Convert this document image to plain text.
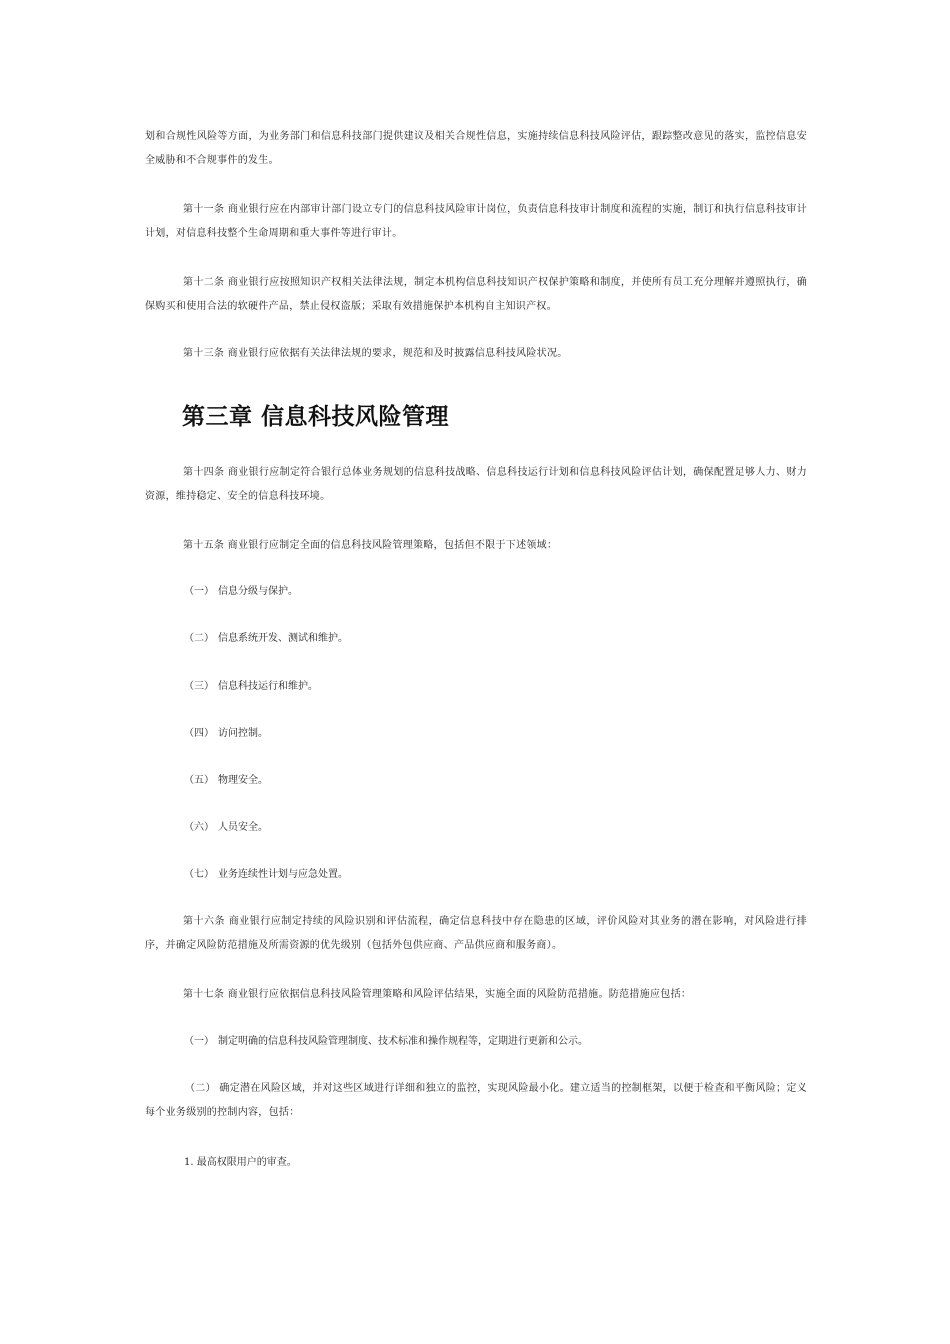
划和合规性风险等方面，为业务部门和信息科技部门提供建议及相关合规性信息，实施持续信息科技风险评估，跟踪整改意见的落实，监控信息安全威胁和不合规事件的发生。

第十一条 商业银行应在内部审计部门设立专门的信息科技风险审计岗位，负责信息科技审计制度和流程的实施，制订和执行信息科技审计计划，对信息科技整个生命周期和重大事件等进行审计。

第十二条 商业银行应按照知识产权相关法律法规，制定本机构信息科技知识产权保护策略和制度，并使所有员工充分理解并遵照执行，确保购买和使用合法的软硬件产品，禁止侵权盗版；采取有效措施保护本机构自主知识产权。

第十三条 商业银行应依据有关法律法规的要求，规范和及时披露信息科技风险状况。

第三章 信息科技风险管理

第十四条 商业银行应制定符合银行总体业务规划的信息科技战略、信息科技运行计划和信息科技风险评估计划，确保配置足够人力、财力资源，维持稳定、安全的信息科技环境。

第十五条 商业银行应制定全面的信息科技风险管理策略，包括但不限于下述领域：

（一） 信息分级与保护。

（二） 信息系统开发、测试和维护。

（三） 信息科技运行和维护。

（四） 访问控制。

（五） 物理安全。

（六） 人员安全。

（七） 业务连续性计划与应急处置。

第十六条 商业银行应制定持续的风险识别和评估流程，确定信息科技中存在隐患的区域，评价风险对其业务的潜在影响，对风险进行排序，并确定风险防范措施及所需资源的优先级别（包括外包供应商、产品供应商和服务商）。

第十七条 商业银行应依据信息科技风险管理策略和风险评估结果，实施全面的风险防范措施。防范措施应包括：

（一） 制定明确的信息科技风险管理制度、技术标准和操作规程等，定期进行更新和公示。

（二） 确定潜在风险区域，并对这些区域进行详细和独立的监控，实现风险最小化。建立适当的控制框架，以便于检查和平衡风险；定义每个业务级别的控制内容，包括：

1. 最高权限用户的审查。
